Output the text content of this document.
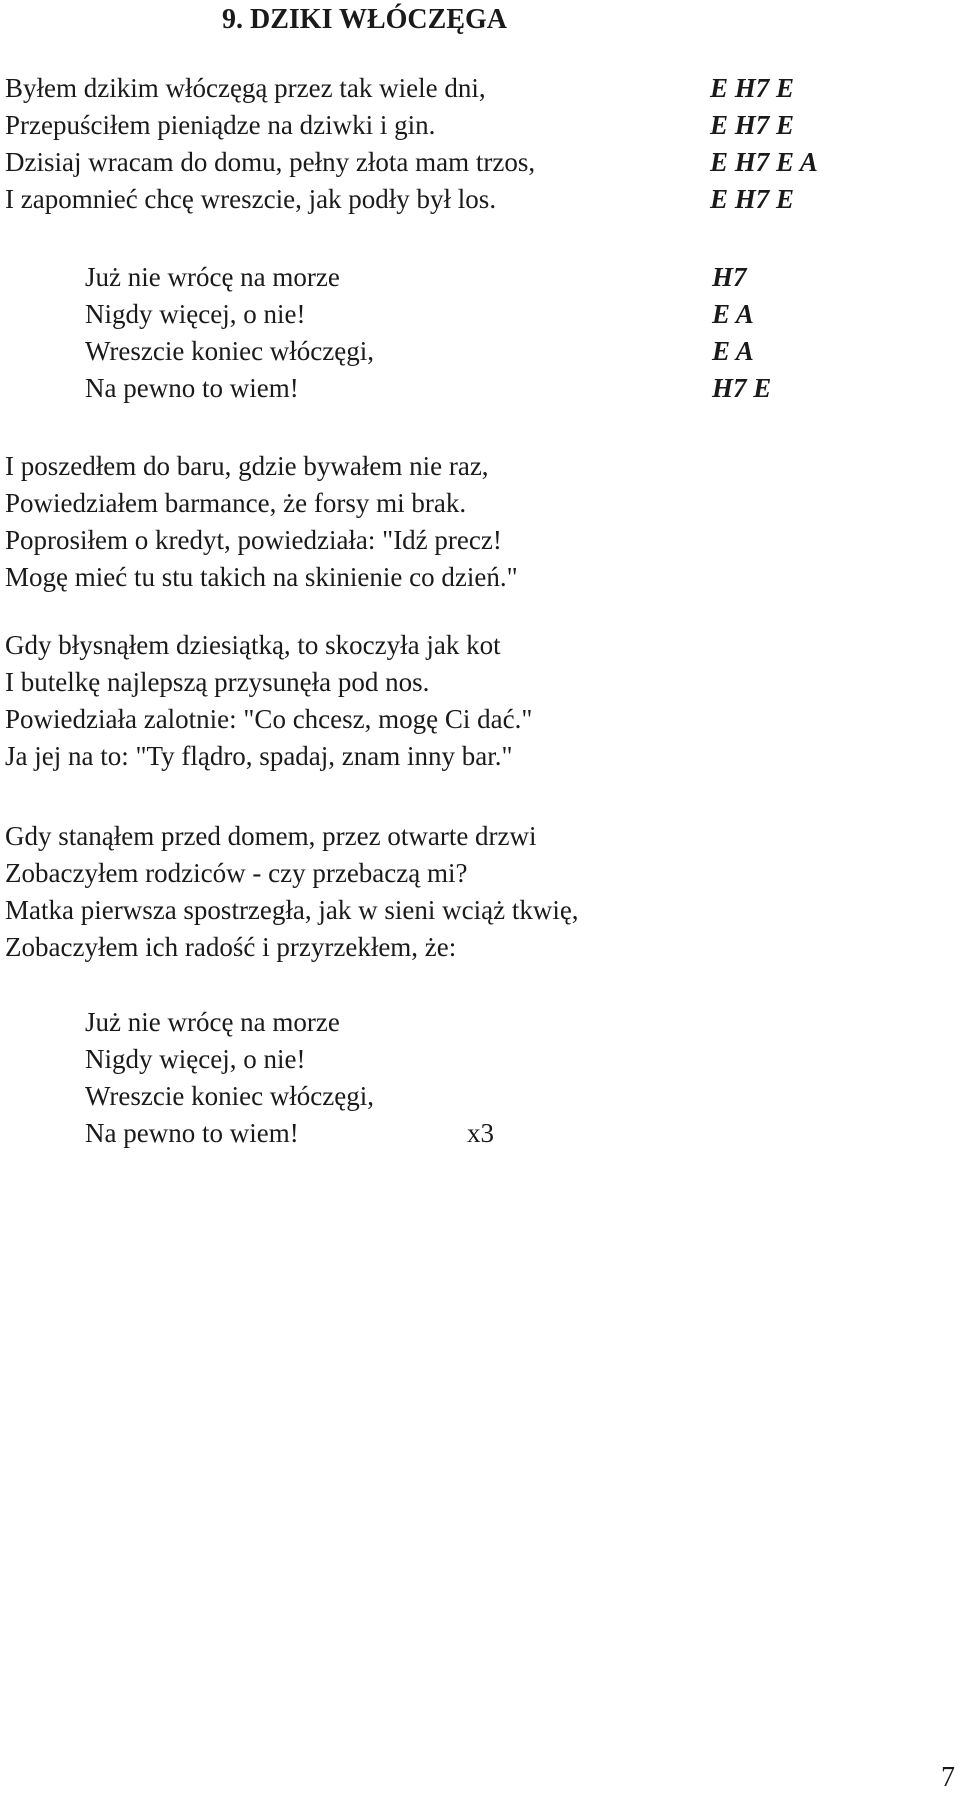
9. DZIKI WŁÓCZĘGA
Byłem dzikim włóczęgą przez tak wiele dni,
Przepuściłem pieniądze na dziwki i gin.
Dzisiaj wracam do domu, pełny złota mam trzos,
I zapomnieć chcę wreszcie, jak podły był los.
E H7 E
E H7 E
E H7 E A
E H7 E
Już nie wrócę na morze
Nigdy więcej, o nie!
Wreszcie koniec włóczęgi,
Na pewno to wiem!
H7
E A
E A
H7 E
I poszedłem do baru, gdzie bywałem nie raz,
Powiedziałem barmance, że forsy mi brak.
Poprosiłem o kredyt, powiedziała: "Idź precz!
Mogę mieć tu stu takich na skinienie co dzień."
Gdy błysnąłem dziesiątką, to skoczyła jak kot
I butelkę najlepszą przysunęła pod nos.
Powiedziała zalotnie: "Co chcesz, mogę Ci dać."
Ja jej na to: "Ty flądro, spadaj, znam inny bar."
Gdy stanąłem przed domem, przez otwarte drzwi
Zobaczyłem rodziców - czy przebaczą mi?
Matka pierwsza spostrzegła, jak w sieni wciąż tkwię,
Zobaczyłem ich radość i przyrzekłem, że:
Już nie wrócę na morze
Nigdy więcej, o nie!
Wreszcie koniec włóczęgi,
Na pewno to wiem!	x3
7
